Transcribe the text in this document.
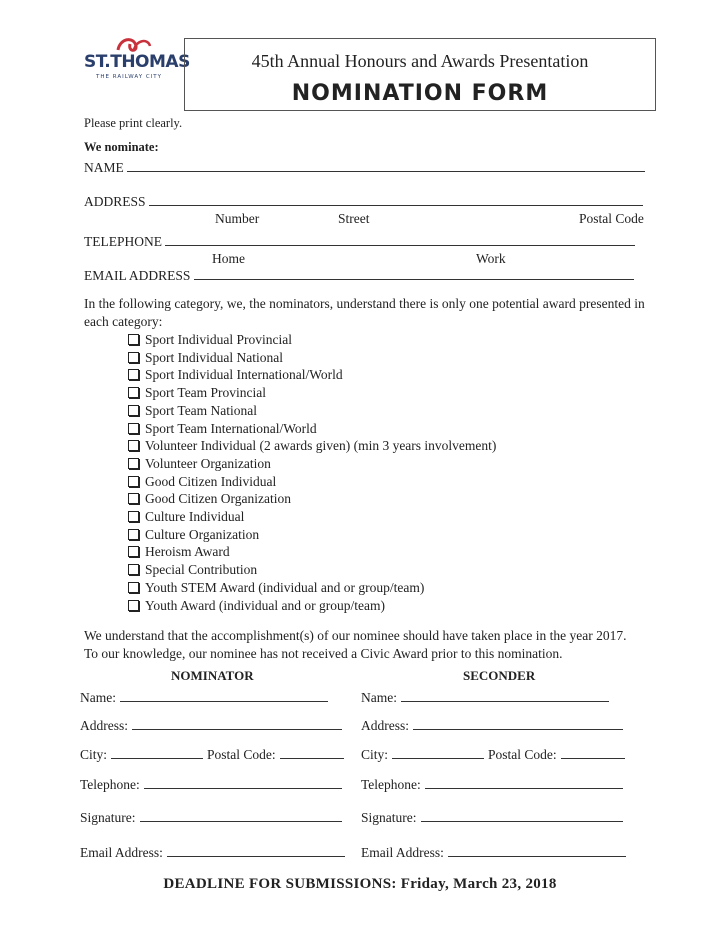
ST.THOMAS
THE RAILWAY CITY
45th Annual Honours and Awards Presentation
NOMINATION FORM
Please print clearly.
We nominate:
NAME
ADDRESS
Number	Street	Postal Code
TELEPHONE
Home	Work
EMAIL ADDRESS
In the following category, we, the nominators, understand there is only one potential award presented in
each category:
Sport Individual Provincial
Sport Individual National
Sport Individual International/World
Sport Team Provincial
Sport Team National
Sport Team International/World
Volunteer Individual (2 awards given) (min 3 years involvement)
Volunteer Organization
Good Citizen Individual
Good Citizen Organization
Culture Individual
Culture Organization
Heroism Award
Special Contribution
Youth STEM Award (individual and or group/team)
Youth Award (individual and or group/team)
We understand that the accomplishment(s) of our nominee should have taken place in the year 2017.
To our knowledge, our nominee has not received a Civic Award prior to this nomination.
NOMINATOR	SECONDER
Name:
Address:
City:	Postal Code:
Telephone:
Signature:
Email Address:
Name:
Address:
City:	Postal Code:
Telephone:
Signature:
Email Address:
DEADLINE FOR SUBMISSIONS: Friday, March 23, 2018
